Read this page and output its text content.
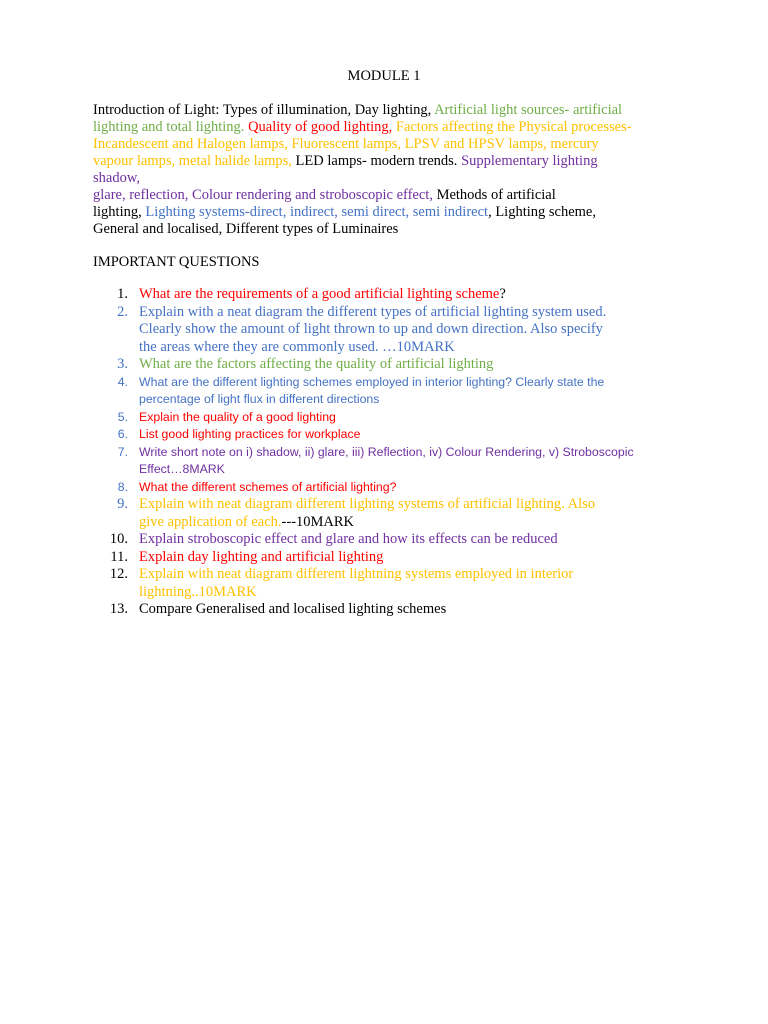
MODULE 1

Introduction of Light: Types of illumination, Day lighting, Artificial light sources- artificial

lighting and total lighting. Quality of good lighting, Factors affecting the Physical processes-

Incandescent and Halogen lamps, Fluorescent lamps, LPSV and HPSV lamps, mercury

vapour lamps, metal halide lamps, LED lamps- modern trends. Supplementary lighting

shadow,

glare, reflection, Colour rendering and stroboscopic effect, Methods of artificial

lighting, Lighting systems-direct, indirect, semi direct, semi indirect, Lighting scheme,

General and localised, Different types of Luminaires

IMPORTANT QUESTIONS
1. What are the requirements of a good artificial lighting scheme?
2. Explain with a neat diagram the different types of artificial lighting system used.
Clearly show the amount of light thrown to up and down direction. Also specify
the areas where they are commonly used. …10MARK
3. What are the factors affecting the quality of artificial lighting
4. What are the different lighting schemes employed in interior lighting? Clearly state the
percentage of light flux in different directions
5. Explain the quality of a good lighting
6. List good lighting practices for workplace
7. Write short note on i) shadow, ii) glare, iii) Reflection, iv) Colour Rendering, v) Stroboscopic
Effect…8MARK
8. What the different schemes of artificial lighting?
9. Explain with neat diagram different lighting systems of artificial lighting. Also
give application of each.---10MARK
10. Explain stroboscopic effect and glare and how its effects can be reduced
11. Explain day lighting and artificial lighting
12. Explain with neat diagram different lightning systems employed in interior
lightning..10MARK
13. Compare Generalised and localised lighting schemes
